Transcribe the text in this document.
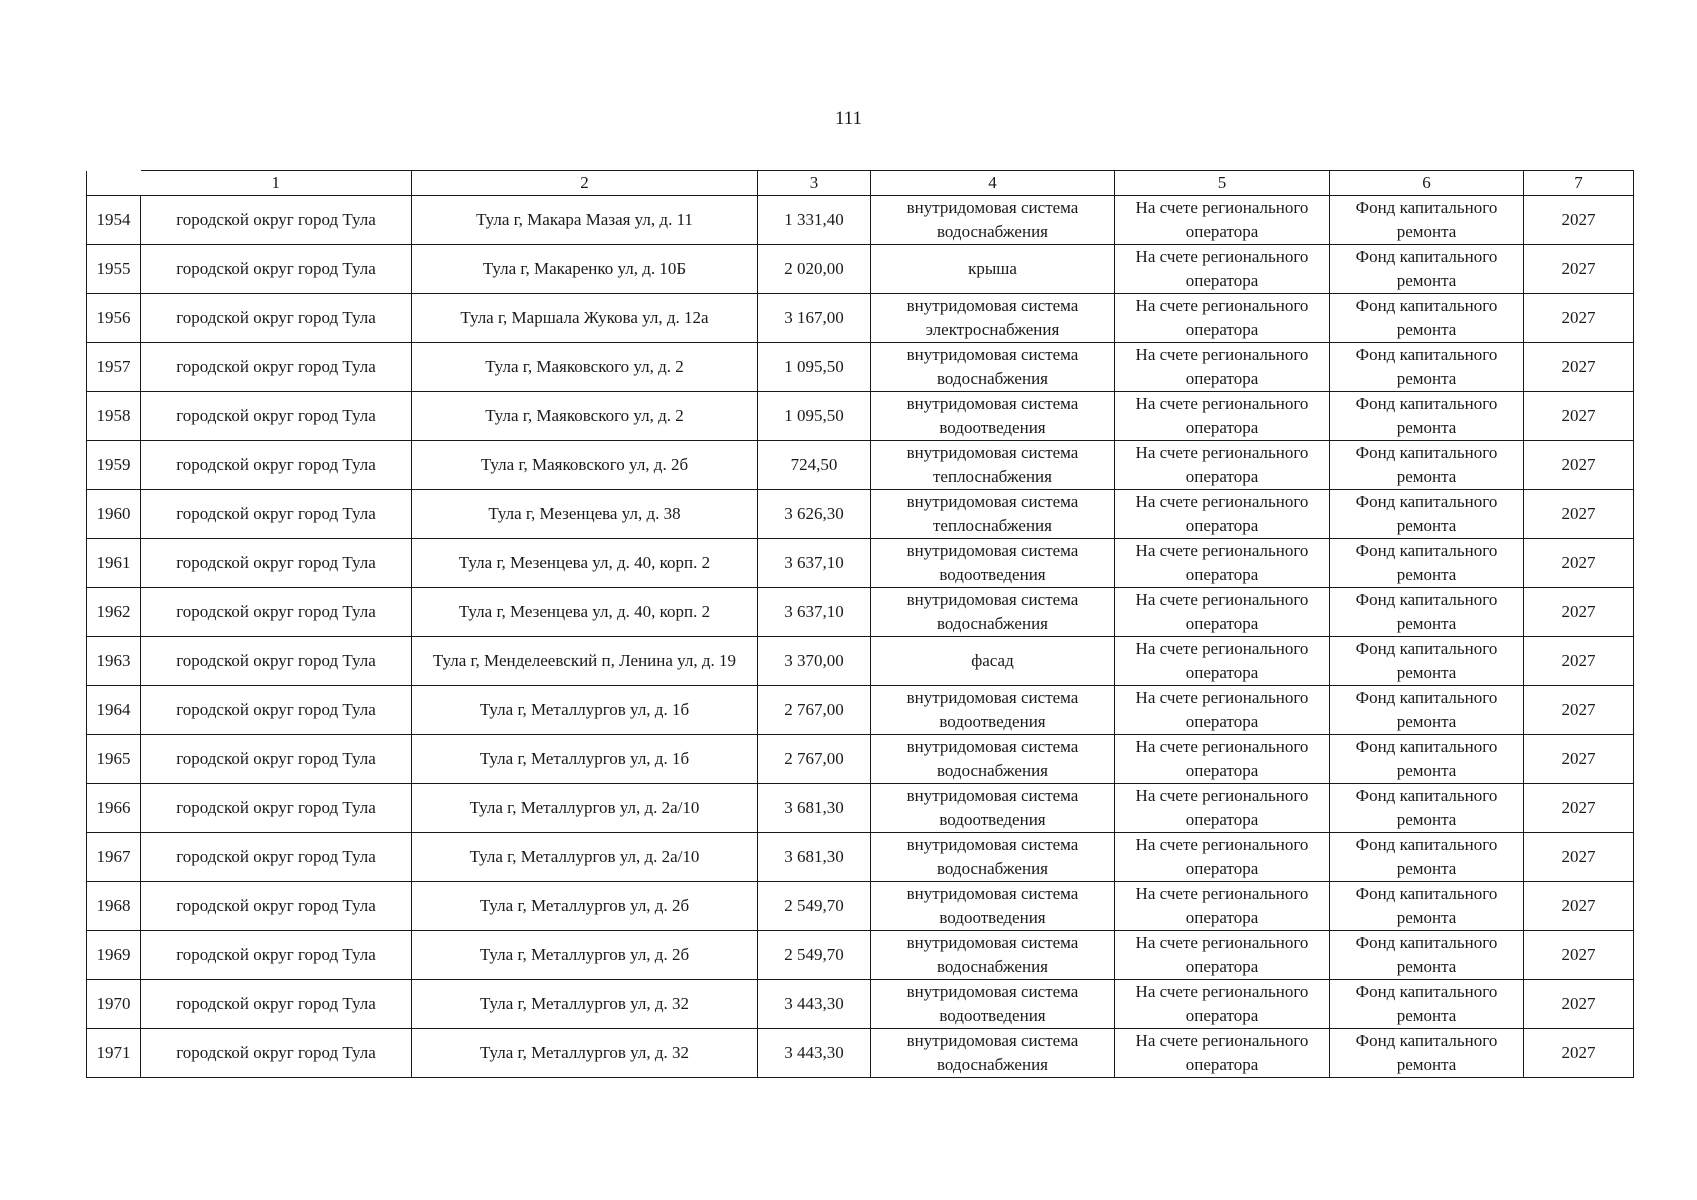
111
	1	2	3	4	5	6	7
1954	городской округ город Тула	Тула г, Макара Мазая ул, д. 11	1 331,40	внутридомовая система водоснабжения	На счете регионального оператора	Фонд капитального ремонта	2027
1955	городской округ город Тула	Тула г, Макаренко ул, д. 10Б	2 020,00	крыша	На счете регионального оператора	Фонд капитального ремонта	2027
1956	городской округ город Тула	Тула г, Маршала Жукова ул, д. 12а	3 167,00	внутридомовая система электроснабжения	На счете регионального оператора	Фонд капитального ремонта	2027
1957	городской округ город Тула	Тула г, Маяковского ул, д. 2	1 095,50	внутридомовая система водоснабжения	На счете регионального оператора	Фонд капитального ремонта	2027
1958	городской округ город Тула	Тула г, Маяковского ул, д. 2	1 095,50	внутридомовая система водоотведения	На счете регионального оператора	Фонд капитального ремонта	2027
1959	городской округ город Тула	Тула г, Маяковского ул, д. 2б	724,50	внутридомовая система теплоснабжения	На счете регионального оператора	Фонд капитального ремонта	2027
1960	городской округ город Тула	Тула г, Мезенцева ул, д. 38	3 626,30	внутридомовая система теплоснабжения	На счете регионального оператора	Фонд капитального ремонта	2027
1961	городской округ город Тула	Тула г, Мезенцева ул, д. 40, корп. 2	3 637,10	внутридомовая система водоотведения	На счете регионального оператора	Фонд капитального ремонта	2027
1962	городской округ город Тула	Тула г, Мезенцева ул, д. 40, корп. 2	3 637,10	внутридомовая система водоснабжения	На счете регионального оператора	Фонд капитального ремонта	2027
1963	городской округ город Тула	Тула г, Менделеевский п, Ленина ул, д. 19	3 370,00	фасад	На счете регионального оператора	Фонд капитального ремонта	2027
1964	городской округ город Тула	Тула г, Металлургов ул, д. 1б	2 767,00	внутридомовая система водоотведения	На счете регионального оператора	Фонд капитального ремонта	2027
1965	городской округ город Тула	Тула г, Металлургов ул, д. 1б	2 767,00	внутридомовая система водоснабжения	На счете регионального оператора	Фонд капитального ремонта	2027
1966	городской округ город Тула	Тула г, Металлургов ул, д. 2а/10	3 681,30	внутридомовая система водоотведения	На счете регионального оператора	Фонд капитального ремонта	2027
1967	городской округ город Тула	Тула г, Металлургов ул, д. 2а/10	3 681,30	внутридомовая система водоснабжения	На счете регионального оператора	Фонд капитального ремонта	2027
1968	городской округ город Тула	Тула г, Металлургов ул, д. 2б	2 549,70	внутридомовая система водоотведения	На счете регионального оператора	Фонд капитального ремонта	2027
1969	городской округ город Тула	Тула г, Металлургов ул, д. 2б	2 549,70	внутридомовая система водоснабжения	На счете регионального оператора	Фонд капитального ремонта	2027
1970	городской округ город Тула	Тула г, Металлургов ул, д. 32	3 443,30	внутридомовая система водоотведения	На счете регионального оператора	Фонд капитального ремонта	2027
1971	городской округ город Тула	Тула г, Металлургов ул, д. 32	3 443,30	внутридомовая система водоснабжения	На счете регионального оператора	Фонд капитального ремонта	2027
